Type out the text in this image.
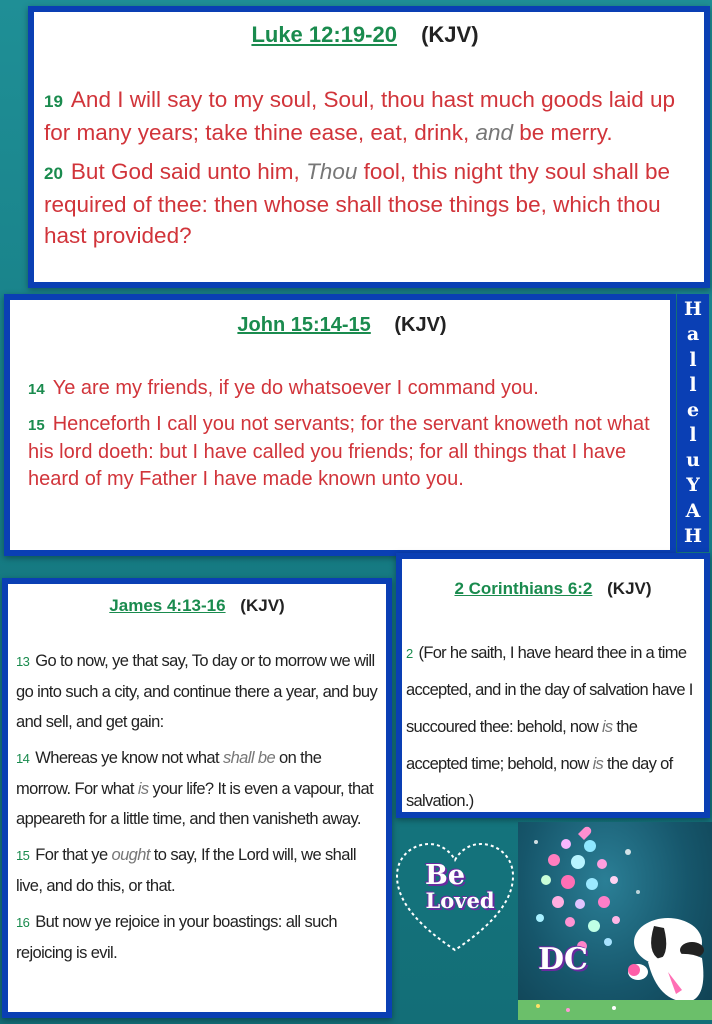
Luke 12:19-20 (KJV)

19 And I will say to my soul, Soul, thou hast much goods laid up for many years; take thine ease, eat, drink, and be merry.

20 But God said unto him, Thou fool, this night thy soul shall be required of thee: then whose shall those things be, which thou hast provided?

John 15:14-15 (KJV)

14 Ye are my friends, if ye do whatsoever I command you.

15 Henceforth I call you not servants; for the servant knoweth not what his lord doeth: but I have called you friends; for all things that I have heard of my Father I have made known unto you.

H
a
l
l
e
l
u
Y
A
H
James 4:13-16 (KJV)

13 Go to now, ye that say, To day or to morrow we will go into such a city, and continue there a year, and buy and sell, and get gain:

14 Whereas ye know not what shall be on the morrow. For what is your life? It is even a vapour, that appeareth for a little time, and then vanisheth away.

15 For that ye ought to say, If the Lord will, we shall live, and do this, or that.

16 But now ye rejoice in your boastings: all such rejoicing is evil.

2 Corinthians 6:2 (KJV)

2 (For he saith, I have heard thee in a time accepted, and in the day of salvation have I succoured thee: behold, now is the accepted time; behold, now is the day of salvation.)

Be
Loved
DC
